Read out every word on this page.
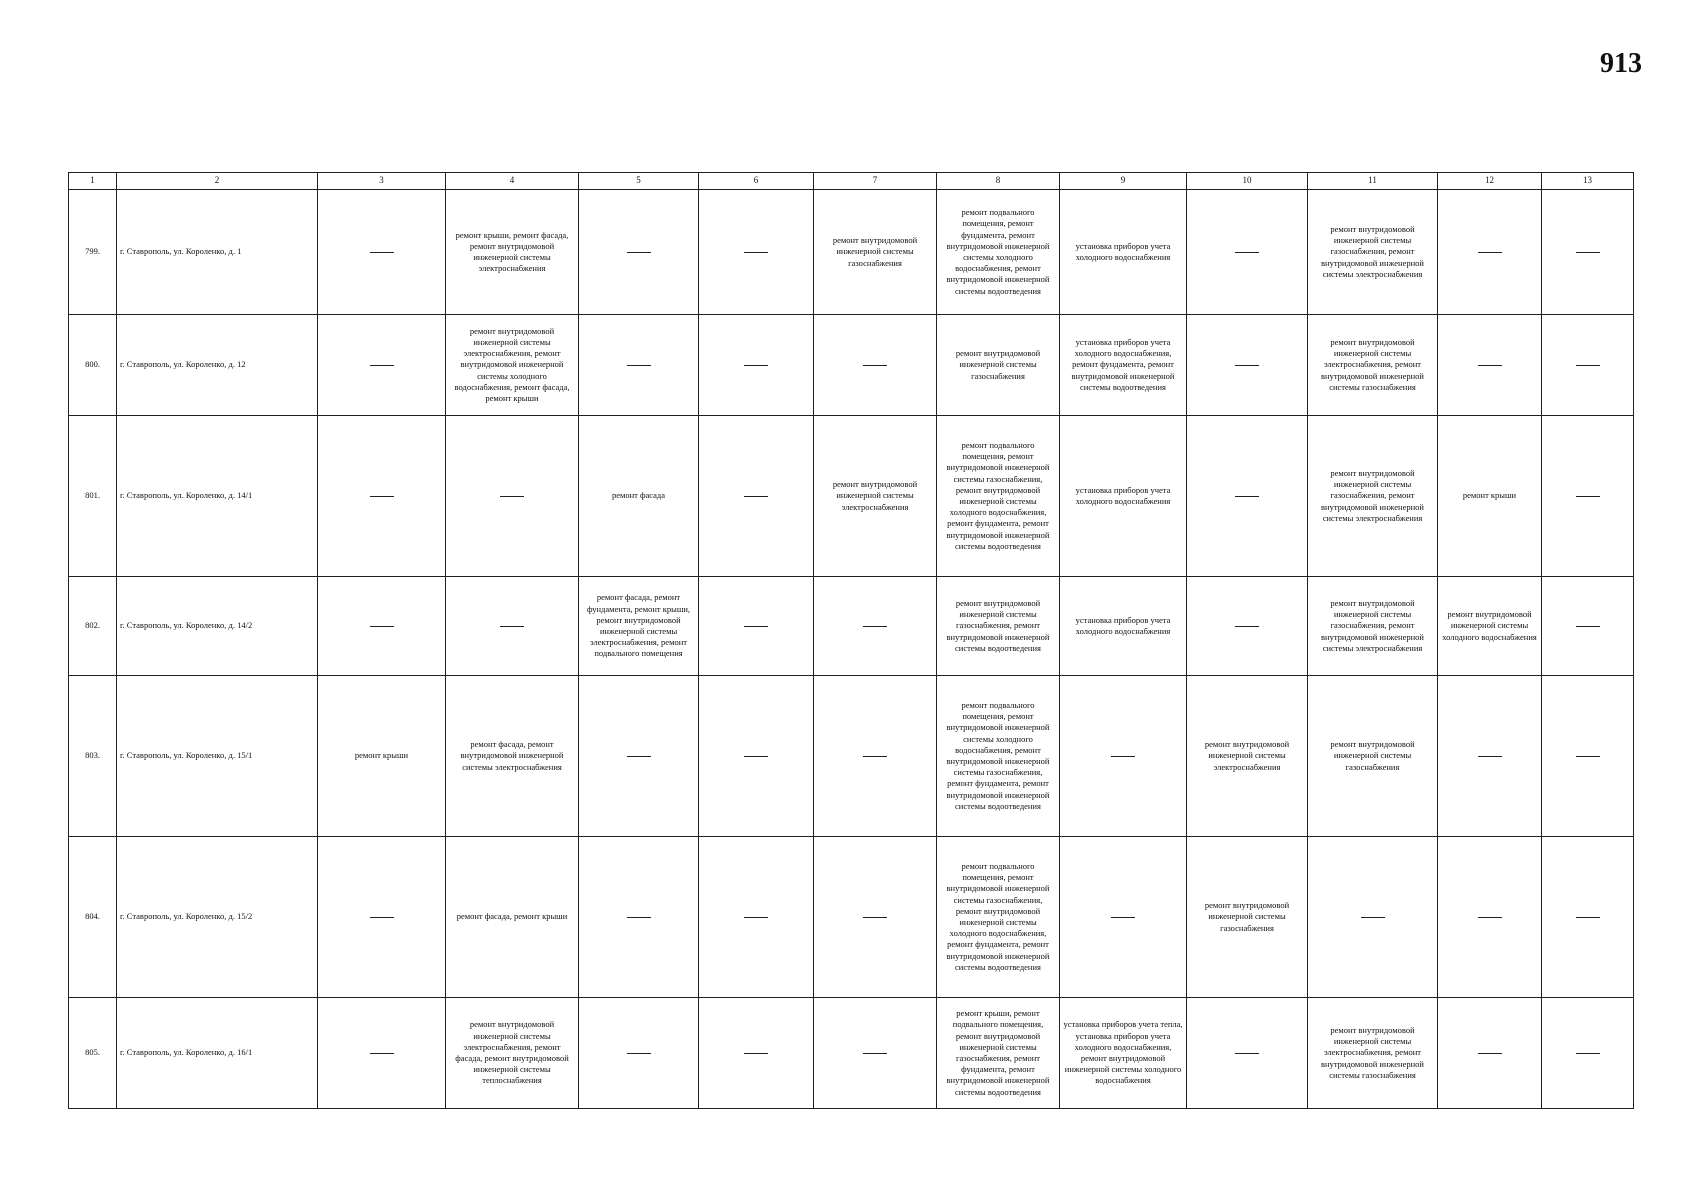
913
1	2	3	4	5	6	7	8	9	10	11	12	13
799.	г. Ставрополь, ул. Короленко, д. 1		ремонт крыши, ремонт фасада, ремонт внутридомовой инженерной системы электроснабжения			ремонт внутридомовой инженерной системы газоснабжения	ремонт подвального помещения, ремонт фундамента, ремонт внутридомовой инженерной системы холодного водоснабжения, ремонт внутридомовой инженерной системы водоотведения	установка приборов учета холодного водоснабжения		ремонт внутридомовой инженерной системы газоснабжения, ремонт внутридомовой инженерной системы электроснабжения		
800.	г. Ставрополь, ул. Короленко, д. 12		ремонт внутридомовой инженерной системы электроснабжения, ремонт внутридомовой инженерной системы холодного водоснабжения, ремонт фасада, ремонт крыши				ремонт внутридомовой инженерной системы газоснабжения	установка приборов учета холодного водоснабжения, ремонт фундамента, ремонт внутридомовой инженерной системы водоотведения		ремонт внутридомовой инженерной системы электроснабжения, ремонт внутридомовой инженерной системы газоснабжения		
801.	г. Ставрополь, ул. Короленко, д. 14/1			ремонт фасада		ремонт внутридомовой инженерной системы электроснабжения	ремонт подвального помещения, ремонт внутридомовой инженерной системы газоснабжения, ремонт внутридомовой инженерной системы холодного водоснабжения, ремонт фундамента, ремонт внутридомовой инженерной системы водоотведения	установка приборов учета холодного водоснабжения		ремонт внутридомовой инженерной системы газоснабжения, ремонт внутридомовой инженерной системы электроснабжения	ремонт крыши	
802.	г. Ставрополь, ул. Короленко, д. 14/2			ремонт фасада, ремонт фундамента, ремонт крыши, ремонт внутридомовой инженерной системы электроснабжения, ремонт подвального помещения			ремонт внутридомовой инженерной системы газоснабжения, ремонт внутридомовой инженерной системы водоотведения	установка приборов учета холодного водоснабжения		ремонт внутридомовой инженерной системы газоснабжения, ремонт внутридомовой инженерной системы электроснабжения	ремонт внутридомовой инженерной системы холодного водоснабжения	
803.	г. Ставрополь, ул. Короленко, д. 15/1	ремонт крыши	ремонт фасада, ремонт внутридомовой инженерной системы электроснабжения				ремонт подвального помещения, ремонт внутридомовой инженерной системы холодного водоснабжения, ремонт внутридомовой инженерной системы газоснабжения, ремонт фундамента, ремонт внутридомовой инженерной системы водоотведения		ремонт внутридомовой инженерной системы электроснабжения	ремонт внутридомовой инженерной системы газоснабжения		
804.	г. Ставрополь, ул. Короленко, д. 15/2		ремонт фасада, ремонт крыши				ремонт подвального помещения, ремонт внутридомовой инженерной системы газоснабжения, ремонт внутридомовой инженерной системы холодного водоснабжения, ремонт фундамента, ремонт внутридомовой инженерной системы водоотведения		ремонт внутридомовой инженерной системы газоснабжения			
805.	г. Ставрополь, ул. Короленко, д. 16/1		ремонт внутридомовой инженерной системы электроснабжения, ремонт фасада, ремонт внутридомовой инженерной системы теплоснабжения				ремонт крыши, ремонт подвального помещения, ремонт внутридомовой инженерной системы газоснабжения, ремонт фундамента, ремонт внутридомовой инженерной системы водоотведения	установка приборов учета тепла, установка приборов учета холодного водоснабжения, ремонт внутридомовой инженерной системы холодного водоснабжения		ремонт внутридомовой инженерной системы электроснабжения, ремонт внутридомовой инженерной системы газоснабжения		
